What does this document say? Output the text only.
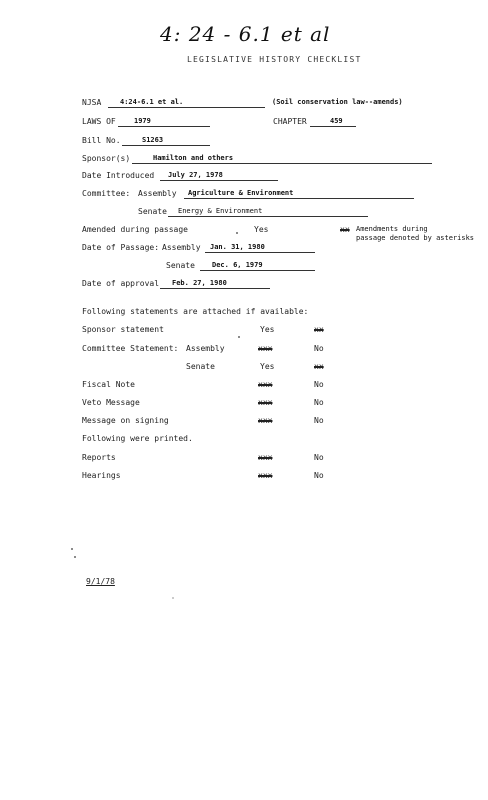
4: 24 - 6.1 et al
LEGISLATIVE HISTORY CHECKLIST
NJSA	4:24-6.1 et al.	(Soil conservation law--amends)
LAWS OF	1979	CHAPTER	459
Bill No.	S1263
Sponsor(s)	Hamilton and others
Date Introduced July 27, 1978
Committee: Assembly Agriculture & Environment
Senate Energy & Environment
Amended during passage	Yes	xx Amendments during
passage denoted by asterisks
Date of Passage: Assembly Jan. 31, 1980
Senate Dec. 6, 1979
Date of approval Feb. 27, 1980
Following statements are attached if available:
Sponsor statement	Yes	xx
Committee Statement: Assembly	xxx	No
Senate	Yes	xx
Fiscal Note	xxx	No
Veto Message	xxx	No
Message on signing	xxx	No
Following were printed.
Reports	xxx	No
Hearings	xxx	No
9/1/78
